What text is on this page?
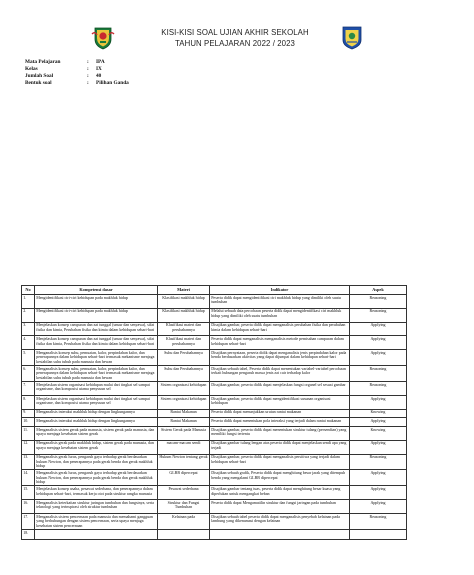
KISI-KISI SOAL UJIAN AKHIR SEKOLAH
TAHUN PELAJARAN 2022 / 2023
Mata Pelajaran	:	IPA
Kelas	:	IX
Jumlah Soal	:	40
Bentuk soal	:	Pilihan Ganda
No	Kompetensi dasar	Materi	Indikator	Aspek
1.	Mengidentifikasi ciri-ciri kehidupan pada makhluk hidup	Klasifikasi makhluk hidup	Peserta didik dapat mengidentifikasi ciri makhluk hidup yang dimiliki oleh suatu tumbuhan	Reasoning
2.	Mengidentifikasi ciri-ciri kehidupan pada makhluk hidup	Klasifikasi makhluk hidup	Melalui sebuah data percobaan peserta didik dapat mengidentifikasi ciri makhluk hidup yang dimiliki oleh suatu tumbuhan	Reasoning
3.	Menjelaskan konsep campuran dan zat tunggal (unsur dan senyawa), sifat fisika dan kimia, Perubahan fisika dan kimia dalam kehidupan sehari-hari	Klasifikasi materi dan perubahannya	Disajikan gambar, peserta didik dapat menganalisis perubahan fisika dan perubahan kimia dalam kehidupan sehari-hari	Applying
4.	Menjelaskan konsep campuran dan zat tunggal (unsur dan senyawa), sifat fisika dan kimia, Perubahan fisika dan kimia dalam kehidupan sehari-hari	Klasifikasi materi dan perubahannya	Peserta didik dapat menganalisis menganalisis metode pemisahan campuran dalam kehidupan sehari-hari	Applying
5.	Menganalisis konsep suhu, pemuaian, kalor, perpindahan kalor, dan penerapannya dalam kehidupan sehari-hari termasuk mekanisme menjaga kestabilan suhu tubuh pada manusia dan hewan	Suhu dan Perubahannya	Disajikan pernyataan, peserta didik dapat menganalisis jenis perpindahan kalor pada benda berdasarkan aktivitas yang dapat dijumpai dalam kehidupan sehari-hari	Applying
6.	Menganalisis konsep suhu, pemuaian, kalor, perpindahan kalor, dan penerapannya dalam kehidupan sehari-hari termasuk mekanisme menjaga kestabilan suhu tubuh pada manusia dan hewan	Suhu dan Perubahannya	Disajikan sebuah tabel, Peserta didik dapat menentukan variabel-variabel percobaan terkait hubungan pengaruh massa jenis zat cair terhadap kalor	Reasoning
7.	Menjelaskan sistem organisasi kehidupan mulai dari tingkat sel sampai organisme, dan komposisi utama penyusun sel	Sistem organisasi kehidupan	Disajikan gambar, peserta didik dapat menjelaskan fungsi organel sel sesuai gambar	Reasoning
8.	Menjelaskan sistem organisasi kehidupan mulai dari tingkat sel sampai organisme, dan komposisi utama penyusun sel	Sistem organisasi kehidupan	Disajikan gambar, peserta didik dapat mengidentifikasi susunan organisasi kehidupan	Applying
9.	Menganalisis interaksi makhluk hidup dengan lingkungannya	Rantai Makanan	Peserta didik dapat menunjukkan urutan rantai makanan	Knowing
10.	Menganalisis interaksi makhluk hidup dengan lingkungannya	Rantai Makanan	Peserta didik dapat menentukan pola interaksi yang terjadi dalam rantai makanan	Applying
11.	Menganalisis sistem gerak pada manusia, sistem gerak pada manusia, dan upaya menjaga kesehatan sistem gerak	Sistem Gerak pada Manusia	Disajikan gambar, peserta didik dapat menentukan struktur tulang (persendian) yang memiliki fungsi tertentu	Knowing
12.	Menganalisis gerak pada makhluk hidup, sistem gerak pada manusia, dan upaya menjaga kesehatan sistem gerak	macam-macam sendi	Disajikan gambar tulang lengan atas peserta didik dapat menjelaskan sendi apa yang terjadi	Applying
13.	Menganalisis gerak lurus, pengaruh gaya terhadap gerak berdasarkan hukum Newton, dan penerapannya pada gerak benda dan gerak makhluk hidup	Hukum Newton tentang gerak	Disajikan gambar, peserta didik dapat menganalisis persitiwa yang terjadi dalam kehidupan sehari-hari	Reasoning
14.	Menganalisis gerak lurus, pengaruh gaya terhadap gerak berdasarkan hukum Newton, dan penerapannya pada gerak benda dan gerak makhluk hidup	GLBB dipercepat	Disajikan sebuah grafik, Peserta didik dapat menghitung besar jarak yang ditempuh benda yang mengalami GLBB dipercepat	Applying
15.	Menjelaskan konsep usaha, pesawat sederhana, dan penerapannya dalam kehidupan sehari-hari, termasuk kerja otot pada struktur rangka manusia	Pesawat sederhana	Disajikan gambar tentang tuas, peserta didik dapat menghitung besar kuasa yang diperlukan untuk mengangkat beban	Applying
16.	Menganalisis keterkaitan struktur jaringan tumbuhan dan fungsinya, serta teknologi yang terinspirasi oleh struktur tumbuhan	Struktur dan Fungsi Tumbuhan	Peserta didik dapat Mengamatilin struktur dan fungsi jaringan pada tumbuhan	Applying
17.	Menganalisis sistem pencernaan pada manusia dan memahami gangguan yang berhubungan dengan sistem pencernaan, serta upaya menjaga kesehatan sistem pencernaan	Kelainan pada	Disajikan sebuah tabel peserta didik dapat menganalisis penyebab kelainan pada lambung yang dikenamasi dengan kelainan	Reasoning
18.				
